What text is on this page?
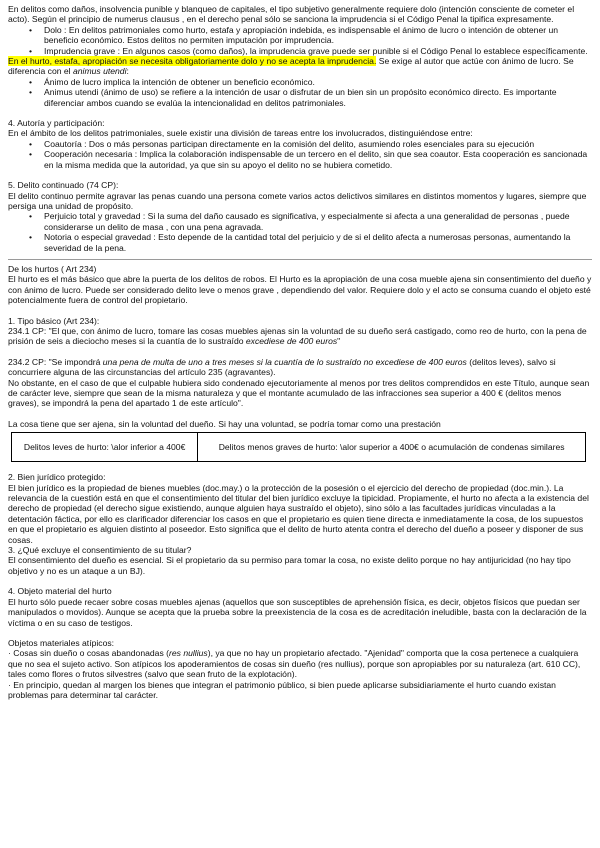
En delitos como daños, insolvencia punible y blanqueo de capitales, el tipo subjetivo generalmente requiere dolo (intención consciente de cometer el acto). Según el principio de numerus clausus , en el derecho penal sólo se sanciona la imprudencia si el Código Penal la tipifica expresamente.

• Dolo : En delitos patrimoniales como hurto, estafa y apropiación indebida, es indispensable el ánimo de lucro o intención de obtener un beneficio económico. Estos delitos no permiten imputación por imprudencia.
• Imprudencia grave : En algunos casos (como daños), la imprudencia grave puede ser punible si el Código Penal lo establece específicamente.

En el hurto, estafa, apropiación se necesita obligatoriamente dolo y no se acepta la imprudencia. Se exige al autor que actúe con ánimo de lucro. Se diferencia con el animus utendi:

• Ánimo de lucro implica la intención de obtener un beneficio económico.
• Animus utendi (ánimo de uso) se refiere a la intención de usar o disfrutar de un bien sin un propósito económico directo. Es importante diferenciar ambos cuando se evalúa la intencionalidad en delitos patrimoniales.

4. Autoría y participación:

En el ámbito de los delitos patrimoniales, suele existir una división de tareas entre los involucrados, distinguiéndose entre:

• Coautoría : Dos o más personas participan directamente en la comisión del delito, asumiendo roles esenciales para su ejecución
• Cooperación necesaria : Implica la colaboración indispensable de un tercero en el delito, sin que sea coautor. Esta cooperación es sancionada en la misma medida que la autoridad, ya que sin su apoyo el delito no se hubiera cometido.

5. Delito continuado (74 CP):

El delito continuo permite agravar las penas cuando una persona comete varios actos delictivos similares en distintos momentos y lugares, siempre que persiga una unidad de propósito.

• Perjuicio total y gravedad : Si la suma del daño causado es significativa, y especialmente si afecta a una generalidad de personas , puede considerarse un delito de masa , con una pena agravada.
• Notoria o especial gravedad : Esto depende de la cantidad total del perjuicio y de si el delito afecta a numerosas personas, aumentando la severidad de la pena.

De los hurtos ( Art 234)

El hurto es el más básico que abre la puerta de los delitos de robos. El Hurto es la apropiación de una cosa mueble ajena sin consentimiento del dueño y con ánimo de lucro. Puede ser considerado delito leve o menos grave , dependiendo del valor. Requiere dolo y el acto se consuma cuando el objeto esté potencialmente fuera de control del propietario.

1. Tipo básico (Art 234):

234.1 CP: "El que, con ánimo de lucro, tomare las cosas muebles ajenas sin la voluntad de su dueño será castigado, como reo de hurto, con la pena de prisión de seis a dieciocho meses si la cuantía de lo sustraído excediese de 400 euros"

234.2 CP: "Se impondrá una pena de multa de uno a tres meses si la cuantía de lo sustraído no excediese de 400 euros (delitos leves), salvo si concurriere alguna de las circunstancias del artículo 235 (agravantes).

No obstante, en el caso de que el culpable hubiera sido condenado ejecutoriamente al menos por tres delitos comprendidos en este Título, aunque sean de carácter leve, siempre que sean de la misma naturaleza y que el montante acumulado de las infracciones sea superior a 400 € (delitos menos graves), se impondrá la pena del apartado 1 de este artículo".

La cosa tiene que ser ajena, sin la voluntad del dueño. Si hay una voluntad, se podría tomar como una prestación

Delitos leves de hurto: \alor inferior a 400€	Delitos menos graves de hurto: \alor superior a 400€ o acumulación de condenas similares

2. Bien jurídico protegido:

El bien jurídico es la propiedad de bienes muebles (doc.may.) o la protección de la posesión o el ejercicio del derecho de propiedad (doc.min.). La relevancia de la cuestión está en que el consentimiento del titular del bien jurídico excluye la tipicidad. Propiamente, el hurto no afecta a la existencia del derecho de propiedad (el derecho sigue existiendo, aunque alguien haya sustraído el objeto), sino sólo a las facultades jurídicas vinculadas a la detentación fáctica, por ello es clarificador diferenciar los casos en que el propietario es quien tiene directa e inmediatamente la cosa, de los supuestos en que el propietario es alguien distinto al poseedor. Esto significa que el delito de hurto atenta contra el derecho del dueño a poseer y disponer de sus cosas.

3. ¿Qué excluye el consentimiento de su titular?

El consentimiento del dueño es esencial. Si el propietario da su permiso para tomar la cosa, no existe delito porque no hay antijuricidad (no hay tipo objetivo y no es un ataque a un BJ).

4. Objeto material del hurto

El hurto sólo puede recaer sobre cosas muebles ajenas (aquellos que son susceptibles de aprehensión física, es decir, objetos físicos que puedan ser manipulados o movidos). Aunque se acepta que la prueba sobre la preexistencia de la cosa es de acreditación ineludible, basta con la declaración de la víctima o en su caso de testigos.

Objetos materiales atípicos:

· Cosas sin dueño o cosas abandonadas (res nullius), ya que no hay un propietario afectado. "Ajenidad" comporta que la cosa pertenece a cualquiera que no sea el sujeto activo. Son atípicos los apoderamientos de cosas sin dueño (res nullius), porque son apropiables por su naturaleza (art. 610 CC), tales como flores o frutos silvestres (salvo que sean fruto de la explotación).

· En principio, quedan al margen los bienes que integran el patrimonio público, si bien puede aplicarse subsidiariamente el hurto cuando existan problemas para determinar tal carácter.
